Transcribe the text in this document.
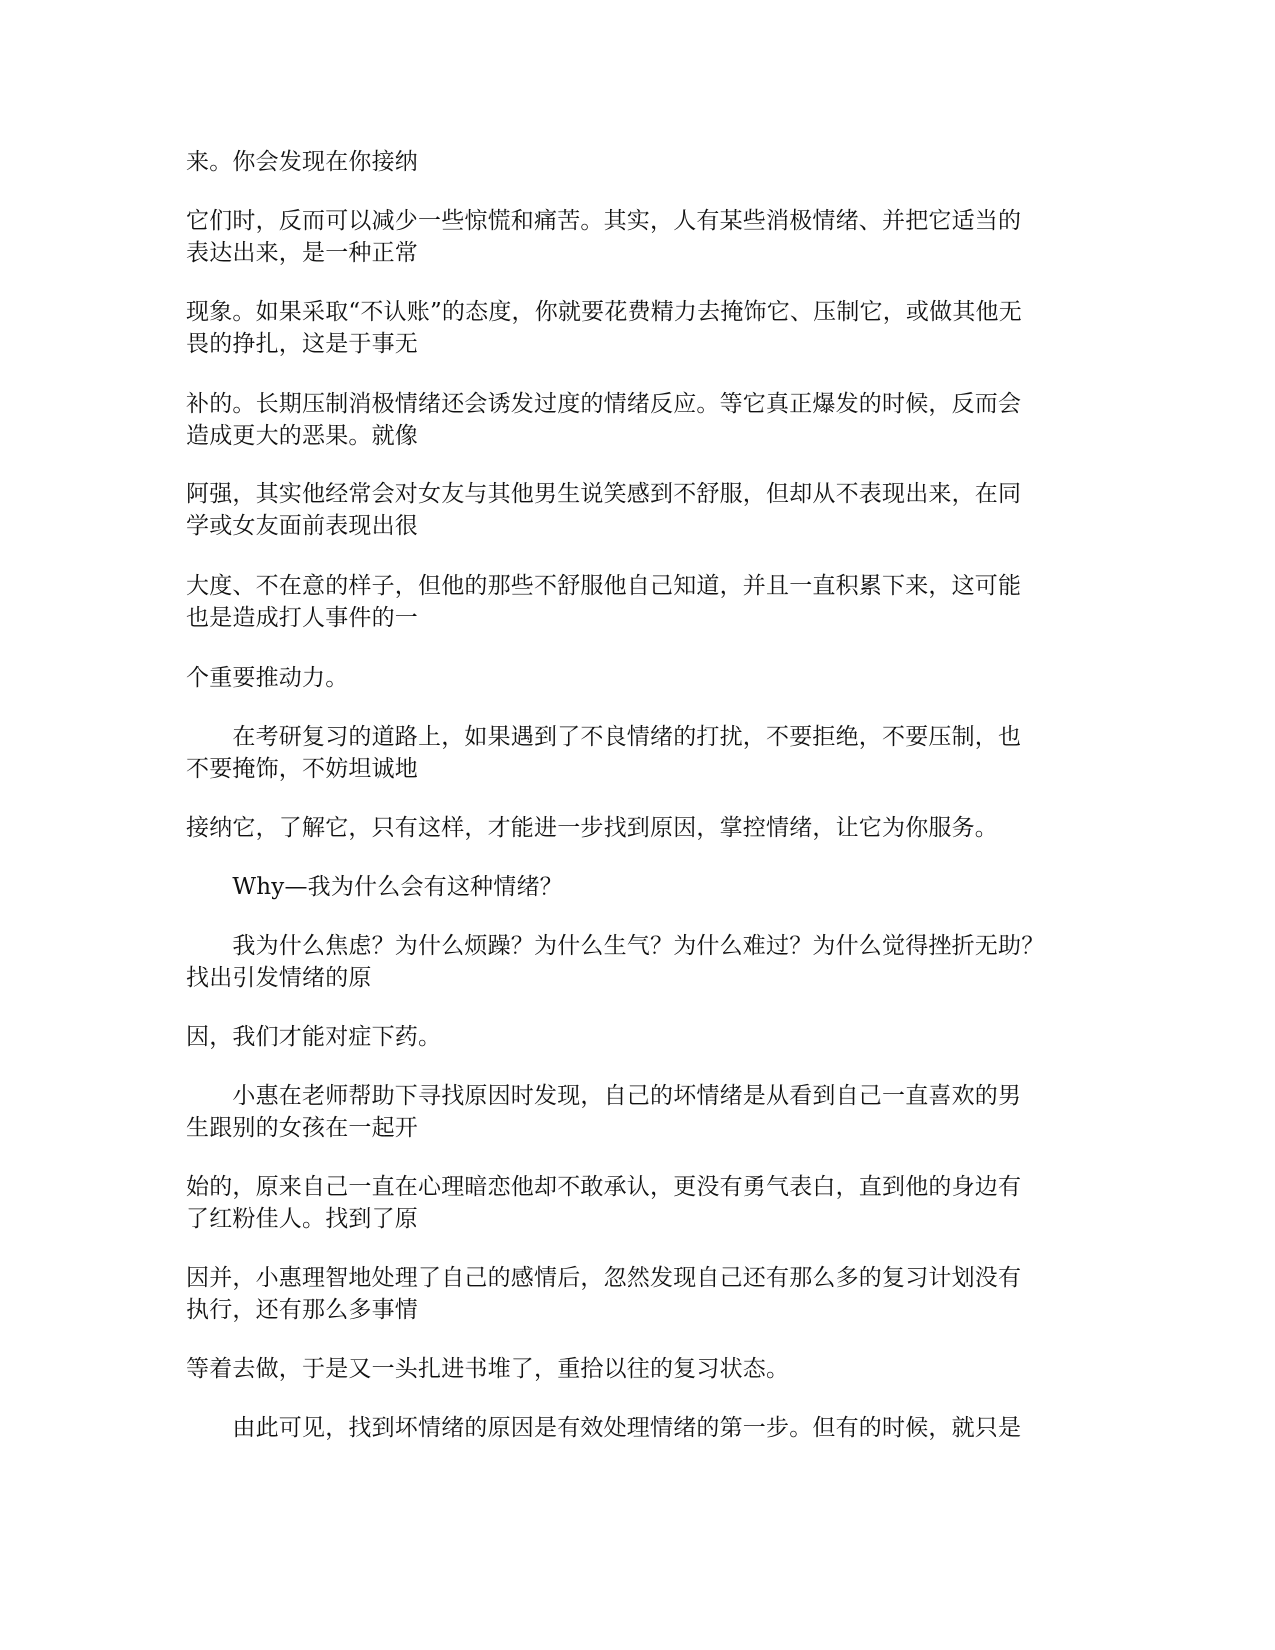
来。你会发现在你接纳
它们时，反而可以减少一些惊慌和痛苦。其实，人有某些消极情绪、并把它适当的
表达出来，是一种正常
现象。如果采取“不认账”的态度，你就要花费精力去掩饰它、压制它，或做其他无
畏的挣扎，这是于事无
补的。长期压制消极情绪还会诱发过度的情绪反应。等它真正爆发的时候，反而会
造成更大的恶果。就像
阿强，其实他经常会对女友与其他男生说笑感到不舒服，但却从不表现出来，在同
学或女友面前表现出很
大度、不在意的样子，但他的那些不舒服他自己知道，并且一直积累下来，这可能
也是造成打人事件的一
个重要推动力。
　　在考研复习的道路上，如果遇到了不良情绪的打扰，不要拒绝，不要压制，也
不要掩饰，不妨坦诚地
接纳它，了解它，只有这样，才能进一步找到原因，掌控情绪，让它为你服务。
　　Why—我为什么会有这种情绪？
　　我为什么焦虑？为什么烦躁？为什么生气？为什么难过？为什么觉得挫折无助？
找出引发情绪的原
因，我们才能对症下药。
　　小惠在老师帮助下寻找原因时发现，自己的坏情绪是从看到自己一直喜欢的男
生跟别的女孩在一起开
始的，原来自己一直在心理暗恋他却不敢承认，更没有勇气表白，直到他的身边有
了红粉佳人。找到了原
因并，小惠理智地处理了自己的感情后，忽然发现自己还有那么多的复习计划没有
执行，还有那么多事情
等着去做，于是又一头扎进书堆了，重拾以往的复习状态。
　　由此可见，找到坏情绪的原因是有效处理情绪的第一步。但有的时候，就只是
